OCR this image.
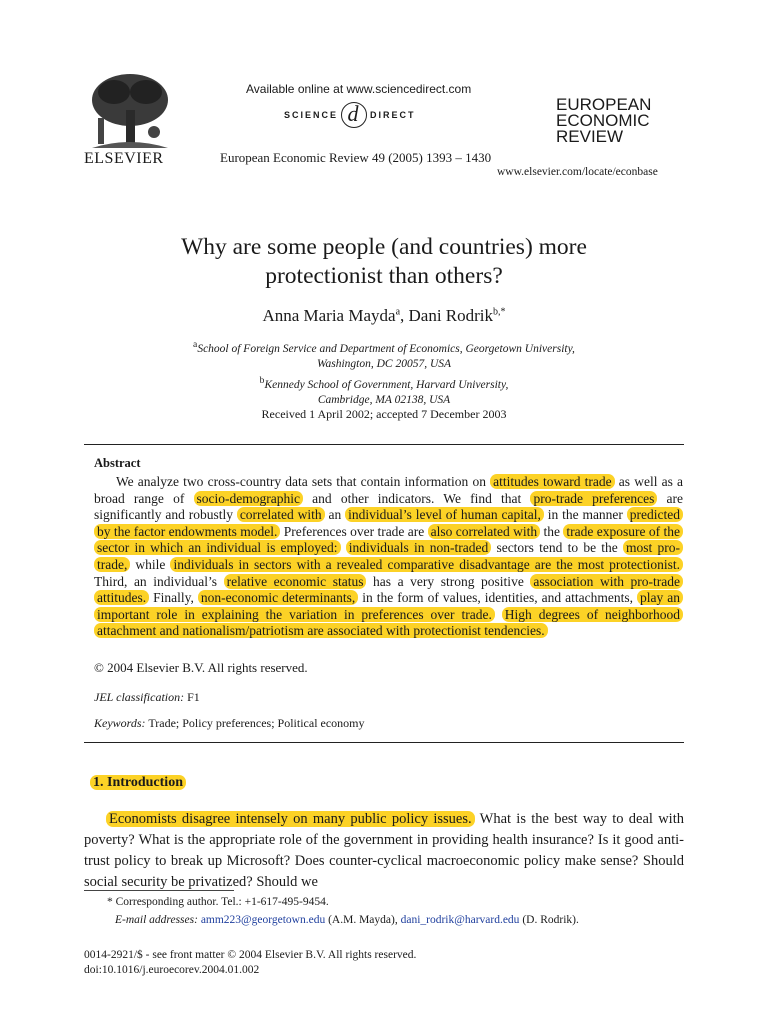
ELSEVIER
Available online at www.sciencedirect.com
SCIENCE d	DIRECT
European Economic Review 49 (2005) 1393 – 1430
EUROPEAN
ECONOMIC
REVIEW
www.elsevier.com/locate/econbase
Why are some people (and countries) more
protectionist than others?
Anna Maria Mayda$^a$, Dani Rodrik$^{b,*}$
$^a$School of Foreign Service and Department of Economics, Georgetown University,
Washington, DC 20057, USA
$^b$Kennedy School of Government, Harvard University,
Cambridge, MA 02138, USA
Received 1 April 2002; accepted 7 December 2003
Abstract
We analyze two cross-country data sets that contain information on attitudes toward trade as well as a broad range of socio-demographic and other indicators. We find that pro-trade preferences are significantly and robustly correlated with an individual’s level of human capital, in the manner predicted by the factor endowments model. Preferences over trade are also correlated with the trade exposure of the sector in which an individual is employed: individuals in non-traded sectors tend to be the most pro-trade, while individuals in sectors with a revealed comparative disadvantage are the most protectionist. Third, an individual’s relative economic status has a very strong positive association with pro-trade attitudes. Finally, non-economic determinants, in the form of values, identities, and attachments, play an important role in explaining the variation in preferences over trade. High degrees of neighborhood attachment and nationalism/patriotism are associated with protectionist tendencies.
© 2004 Elsevier B.V. All rights reserved.
JEL classification: F1
Keywords: Trade; Policy preferences; Political economy
1. Introduction
Economists disagree intensely on many public policy issues. What is the best way to deal with poverty? What is the appropriate role of the government in providing health insurance? Is it good anti-trust policy to break up Microsoft? Does counter-cyclical macroeconomic policy make sense? Should social security be privatized? Should we
* Corresponding author. Tel.: +1-617-495-9454.
E-mail addresses: amm223@georgetown.edu (A.M. Mayda), dani_rodrik@harvard.edu (D. Rodrik).
0014-2921/$ - see front matter © 2004 Elsevier B.V. All rights reserved.
doi:10.1016/j.euroecorev.2004.01.002
